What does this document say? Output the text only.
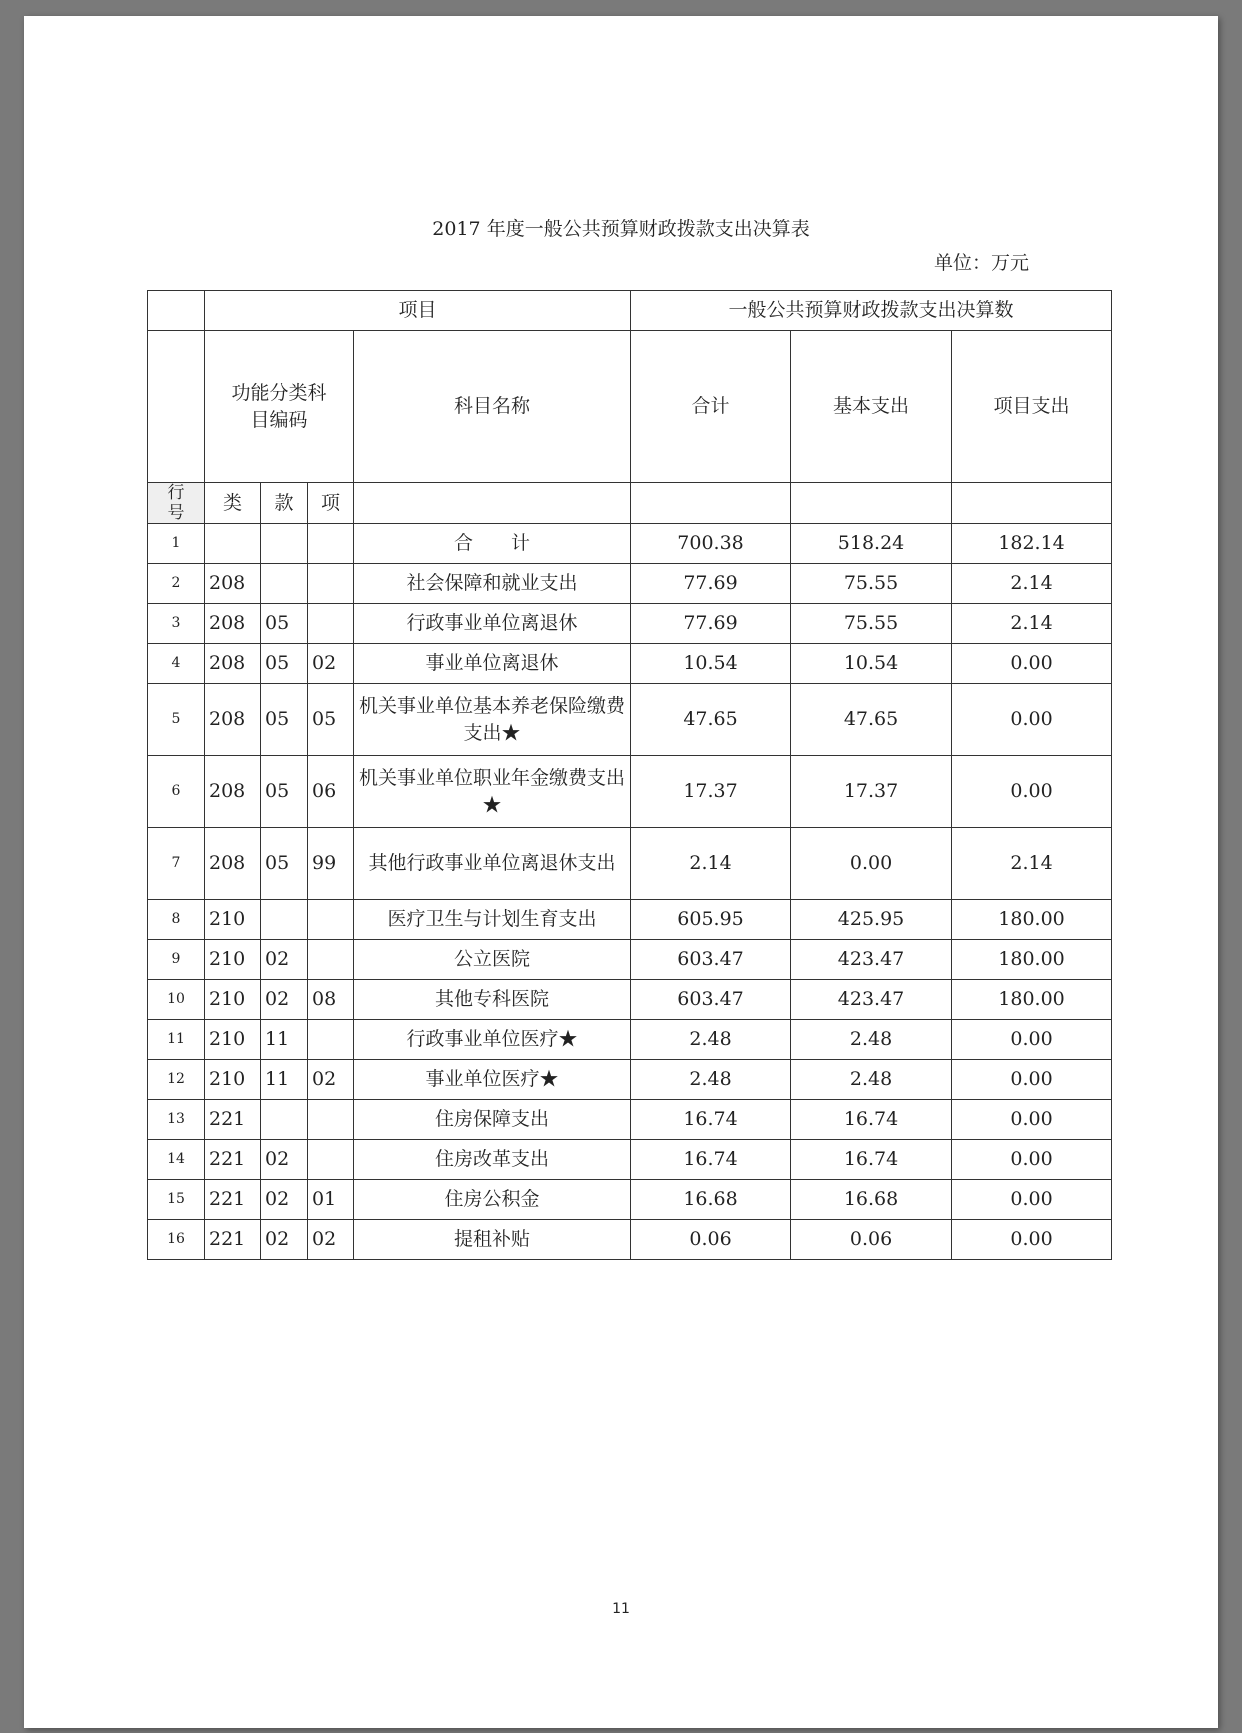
2017 年度一般公共预算财政拨款支出决算表
单位：万元
	项目				一般公共预算财政拨款支出决算数		
	功能分类科目编码			科目名称	合计	基本支出	项目支出
行号	类	款	项				
1				合　　计	700.38	518.24	182.14
2	208			社会保障和就业支出	77.69	75.55	2.14
3	208	05		行政事业单位离退休	77.69	75.55	2.14
4	208	05	02	事业单位离退休	10.54	10.54	0.00
5	208	05	05	机关事业单位基本养老保险缴费支出★	47.65	47.65	0.00
6	208	05	06	机关事业单位职业年金缴费支出★	17.37	17.37	0.00
7	208	05	99	其他行政事业单位离退休支出	2.14	0.00	2.14
8	210			医疗卫生与计划生育支出	605.95	425.95	180.00
9	210	02		公立医院	603.47	423.47	180.00
10	210	02	08	其他专科医院	603.47	423.47	180.00
11	210	11		行政事业单位医疗★	2.48	2.48	0.00
12	210	11	02	事业单位医疗★	2.48	2.48	0.00
13	221			住房保障支出	16.74	16.74	0.00
14	221	02		住房改革支出	16.74	16.74	0.00
15	221	02	01	住房公积金	16.68	16.68	0.00
16	221	02	02	提租补贴	0.06	0.06	0.00
11
